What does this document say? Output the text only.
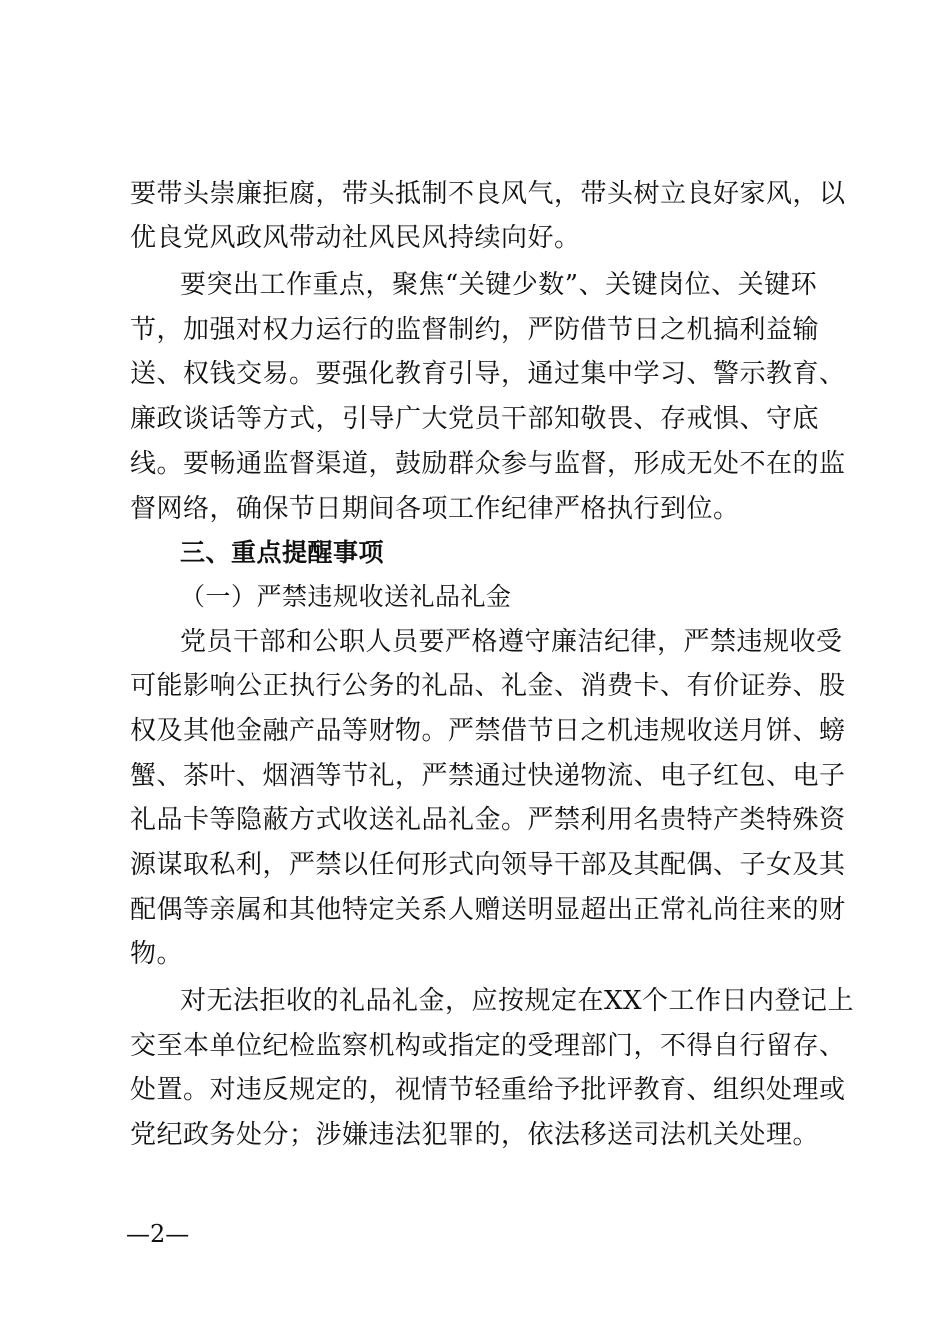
要带头崇廉拒腐，带头抵制不良风气，带头树立良好家风，以
优良党风政风带动社风民风持续向好。
要突出工作重点，聚焦“关键少数”、关键岗位、关键环
节，加强对权力运行的监督制约，严防借节日之机搞利益输
送、权钱交易。要强化教育引导，通过集中学习、警示教育、
廉政谈话等方式，引导广大党员干部知敬畏、存戒惧、守底
线。要畅通监督渠道，鼓励群众参与监督，形成无处不在的监
督网络，确保节日期间各项工作纪律严格执行到位。
三、重点提醒事项
（一）严禁违规收送礼品礼金
党员干部和公职人员要严格遵守廉洁纪律，严禁违规收受
可能影响公正执行公务的礼品、礼金、消费卡、有价证券、股
权及其他金融产品等财物。严禁借节日之机违规收送月饼、螃
蟹、茶叶、烟酒等节礼，严禁通过快递物流、电子红包、电子
礼品卡等隐蔽方式收送礼品礼金。严禁利用名贵特产类特殊资
源谋取私利，严禁以任何形式向领导干部及其配偶、子女及其
配偶等亲属和其他特定关系人赠送明显超出正常礼尚往来的财
物。
对无法拒收的礼品礼金，应按规定在XX个工作日内登记上
交至本单位纪检监察机构或指定的受理部门，不得自行留存、
处置。对违反规定的，视情节轻重给予批评教育、组织处理或
党纪政务处分；涉嫌违法犯罪的，依法移送司法机关处理。
—2—
